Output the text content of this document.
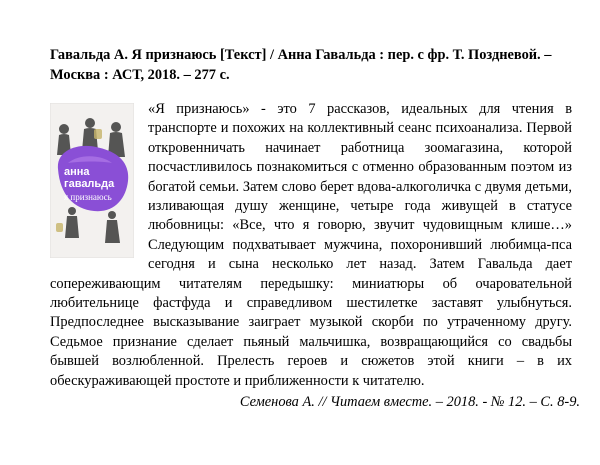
Гавальда А. Я признаюсь [Текст] / Анна Гавальда : пер. с фр. Т. Поздневой. – Москва : АСТ, 2018. – 277 с.
анна
гавальда
я признаюсь
«Я признаюсь» - это 7 рассказов, идеальных для чтения в транспорте и похожих на коллективный сеанс психоанализа. Первой откровенничать начинает работница зоомагазина, которой посчастливилось познакомиться с отменно образованным поэтом из богатой семьи. Затем слово берет вдова-алкоголичка с двумя детьми, изливающая душу женщине, четыре года живущей в статусе любовницы: «Все, что я говорю, звучит чудовищным клише…» Следующим подхватывает мужчина, похоронивший любимца-пса сегодня и сына несколько лет назад. Затем Гавальда дает сопереживающим читателям передышку: миниатюры об очаровательной любительнице фастфуда и справедливом шестилетке заставят улыбнуться. Предпоследнее высказывание заиграет музыкой скорби по утраченному другу. Седьмое признание сделает пьяный мальчишка, возвращающийся со свадьбы бывшей возлюбленной. Прелесть героев и сюжетов этой книги – в их обескураживающей простоте и приближенности к читателю.
Семенова А. // Читаем вместе. – 2018. - № 12. – С. 8-9.
